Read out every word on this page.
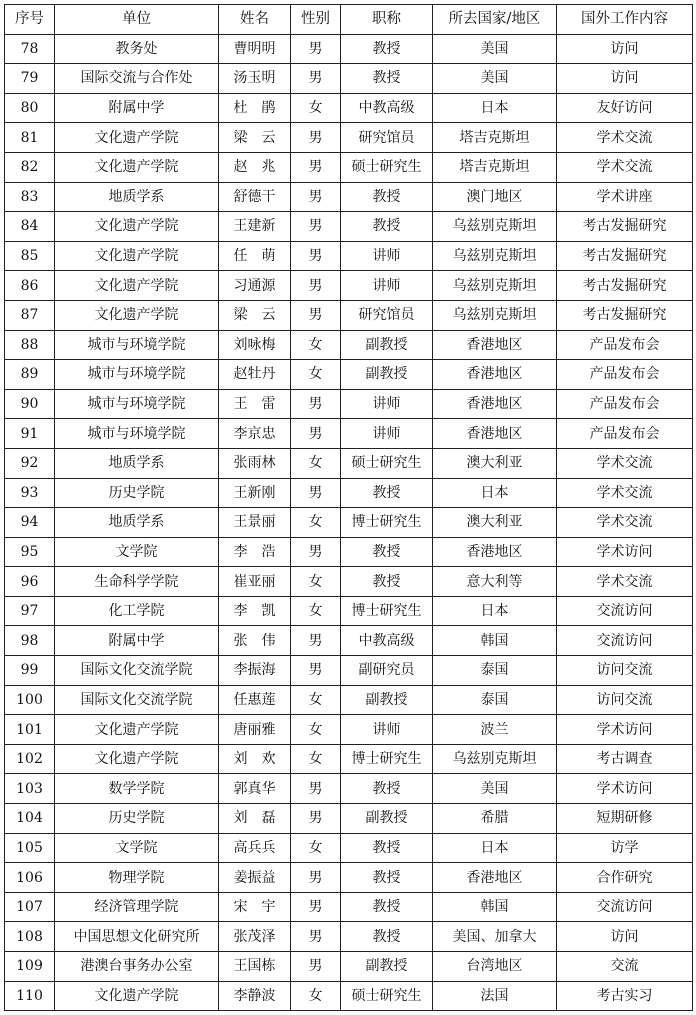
序号	单位	姓名	性别	职称	所去国家/地区	国外工作内容
78	教务处	曹明明	男	教授	美国	访问
79	国际交流与合作处	汤玉明	男	教授	美国	访问
80	附属中学	杜　鹃	女	中教高级	日本	友好访问
81	文化遗产学院	梁　云	男	研究馆员	塔吉克斯坦	学术交流
82	文化遗产学院	赵　兆	男	硕士研究生	塔吉克斯坦	学术交流
83	地质学系	舒德干	男	教授	澳门地区	学术讲座
84	文化遗产学院	王建新	男	教授	乌兹别克斯坦	考古发掘研究
85	文化遗产学院	任　萌	男	讲师	乌兹别克斯坦	考古发掘研究
86	文化遗产学院	习通源	男	讲师	乌兹别克斯坦	考古发掘研究
87	文化遗产学院	梁　云	男	研究馆员	乌兹别克斯坦	考古发掘研究
88	城市与环境学院	刘咏梅	女	副教授	香港地区	产品发布会
89	城市与环境学院	赵牡丹	女	副教授	香港地区	产品发布会
90	城市与环境学院	王　雷	男	讲师	香港地区	产品发布会
91	城市与环境学院	李京忠	男	讲师	香港地区	产品发布会
92	地质学系	张雨林	女	硕士研究生	澳大利亚	学术交流
93	历史学院	王新刚	男	教授	日本	学术交流
94	地质学系	王景丽	女	博士研究生	澳大利亚	学术交流
95	文学院	李　浩	男	教授	香港地区	学术访问
96	生命科学学院	崔亚丽	女	教授	意大利等	学术交流
97	化工学院	李　凯	女	博士研究生	日本	交流访问
98	附属中学	张　伟	男	中教高级	韩国	交流访问
99	国际文化交流学院	李振海	男	副研究员	泰国	访问交流
100	国际文化交流学院	任惠莲	女	副教授	泰国	访问交流
101	文化遗产学院	唐丽雅	女	讲师	波兰	学术访问
102	文化遗产学院	刘　欢	女	博士研究生	乌兹别克斯坦	考古调查
103	数学学院	郭真华	男	教授	美国	学术访问
104	历史学院	刘　磊	男	副教授	希腊	短期研修
105	文学院	高兵兵	女	教授	日本	访学
106	物理学院	姜振益	男	教授	香港地区	合作研究
107	经济管理学院	宋　宇	男	教授	韩国	交流访问
108	中国思想文化研究所	张茂泽	男	教授	美国、加拿大	访问
109	港澳台事务办公室	王国栋	男	副教授	台湾地区	交流
110	文化遗产学院	李静波	女	硕士研究生	法国	考古实习
